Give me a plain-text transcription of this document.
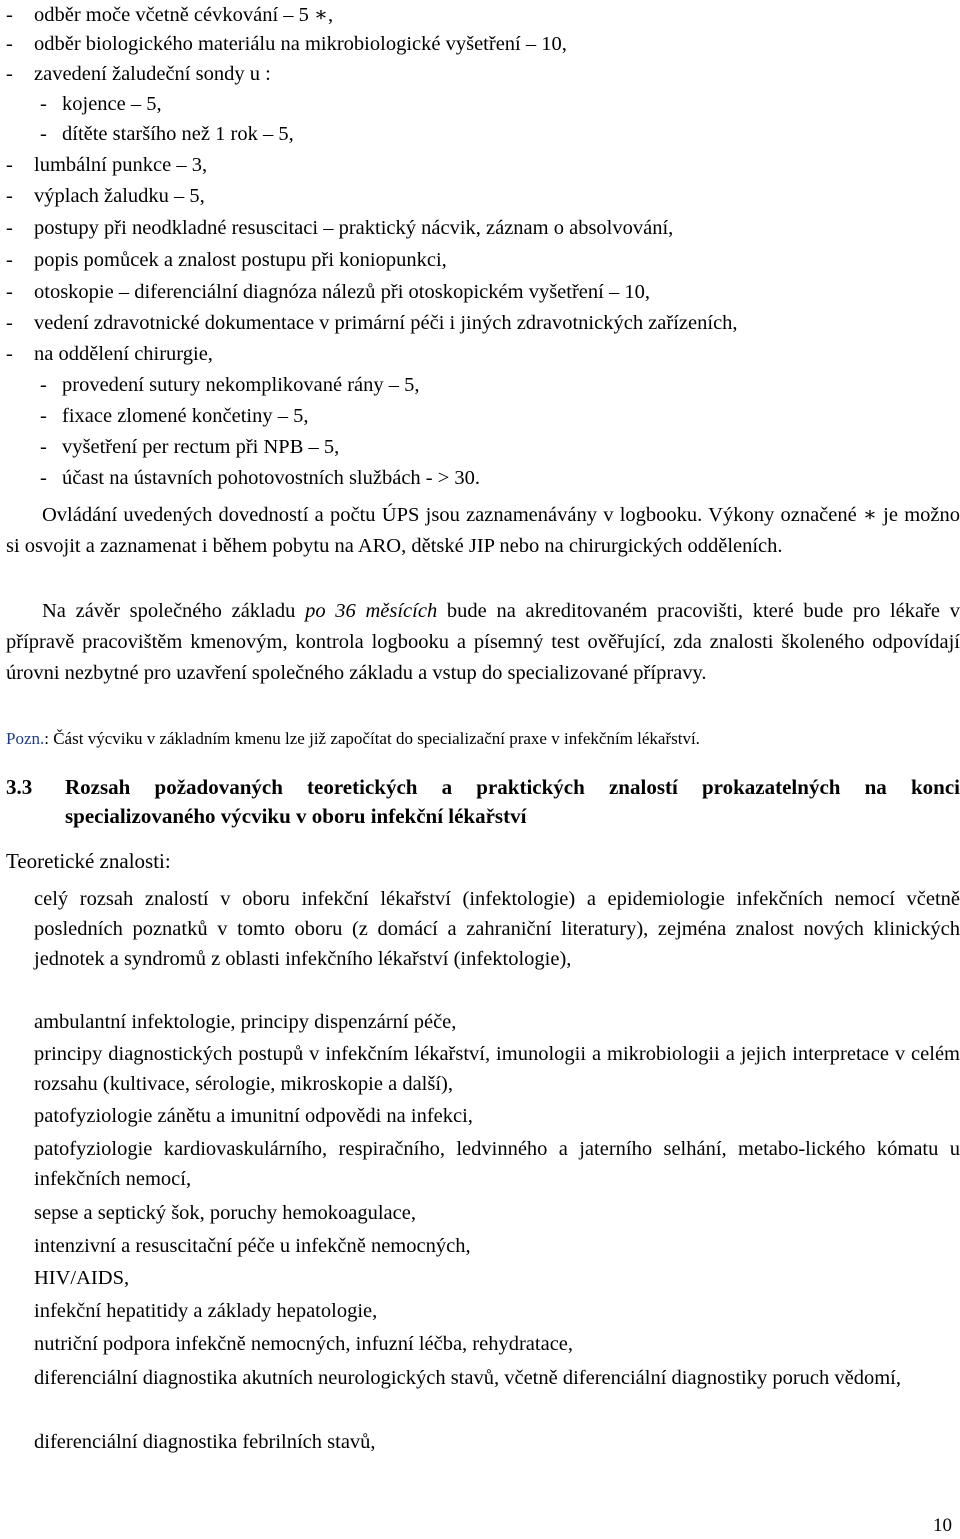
- odběr moče včetně cévkování – 5 ∗,
- odběr biologického materiálu na mikrobiologické vyšetření – 10,
- zavedení žaludeční sondy u :
- kojence – 5,
- dítěte staršího než 1 rok – 5,
- lumbální punkce – 3,
- výplach žaludku – 5,
- postupy při neodkladné resuscitaci – praktický nácvik, záznam o absolvování,
- popis pomůcek a znalost postupu při koniopunkci,
- otoskopie – diferenciální diagnóza nálezů při otoskopickém vyšetření – 10,
- vedení zdravotnické dokumentace v primární péči i jiných zdravotnických zařízeních,
- na oddělení chirurgie,
- provedení sutury nekomplikované rány – 5,
- fixace zlomené končetiny – 5,
- vyšetření per rectum při NPB – 5,
- účast na ústavních pohotovostních službách - > 30.

Ovládání uvedených dovedností a počtu ÚPS jsou zaznamenávány v logbooku. Výkony označené ∗ je možno si osvojit a zaznamenat i během pobytu na ARO, dětské JIP nebo na chirurgických odděleních.

Na závěr společného základu po 36 měsících bude na akreditovaném pracovišti, které bude pro lékaře v přípravě pracovištěm kmenovým, kontrola logbooku a písemný test ověřující, zda znalosti školeného odpovídají úrovni nezbytné pro uzavření společného základu a vstup do specializované přípravy.

Pozn.: Část výcviku v základním kmenu lze již započítat do specializační praxe v infekčním lékařství.
3.3 Rozsah požadovaných teoretických a praktických znalostí prokazatelných na konci specializovaného výcviku v oboru infekční lékařství
Teoretické znalosti:
celý rozsah znalostí v oboru infekční lékařství (infektologie) a epidemiologie infekčních nemocí včetně posledních poznatků v tomto oboru (z domácí a zahraniční literatury), zejména znalost nových klinických jednotek a syndromů z oblasti infekčního lékařství (infektologie),
ambulantní infektologie, principy dispenzární péče,
principy diagnostických postupů v infekčním lékařství, imunologii a mikrobiologii a jejich interpretace v celém rozsahu (kultivace, sérologie, mikroskopie a další),
patofyziologie zánětu a imunitní odpovědi na infekci,
patofyziologie kardiovaskulárního, respiračního, ledvinného a jaterního selhání, metabo-lického kómatu u infekčních nemocí,
sepse a septický šok, poruchy hemokoagulace,
intenzivní a resuscitační péče u infekčně nemocných,
HIV/AIDS,
infekční hepatitidy a základy hepatologie,
nutriční podpora infekčně nemocných, infuzní léčba, rehydratace,
diferenciální diagnostika akutních neurologických stavů, včetně diferenciální diagnostiky poruch vědomí,
diferenciální diagnostika febrilních stavů,
10
